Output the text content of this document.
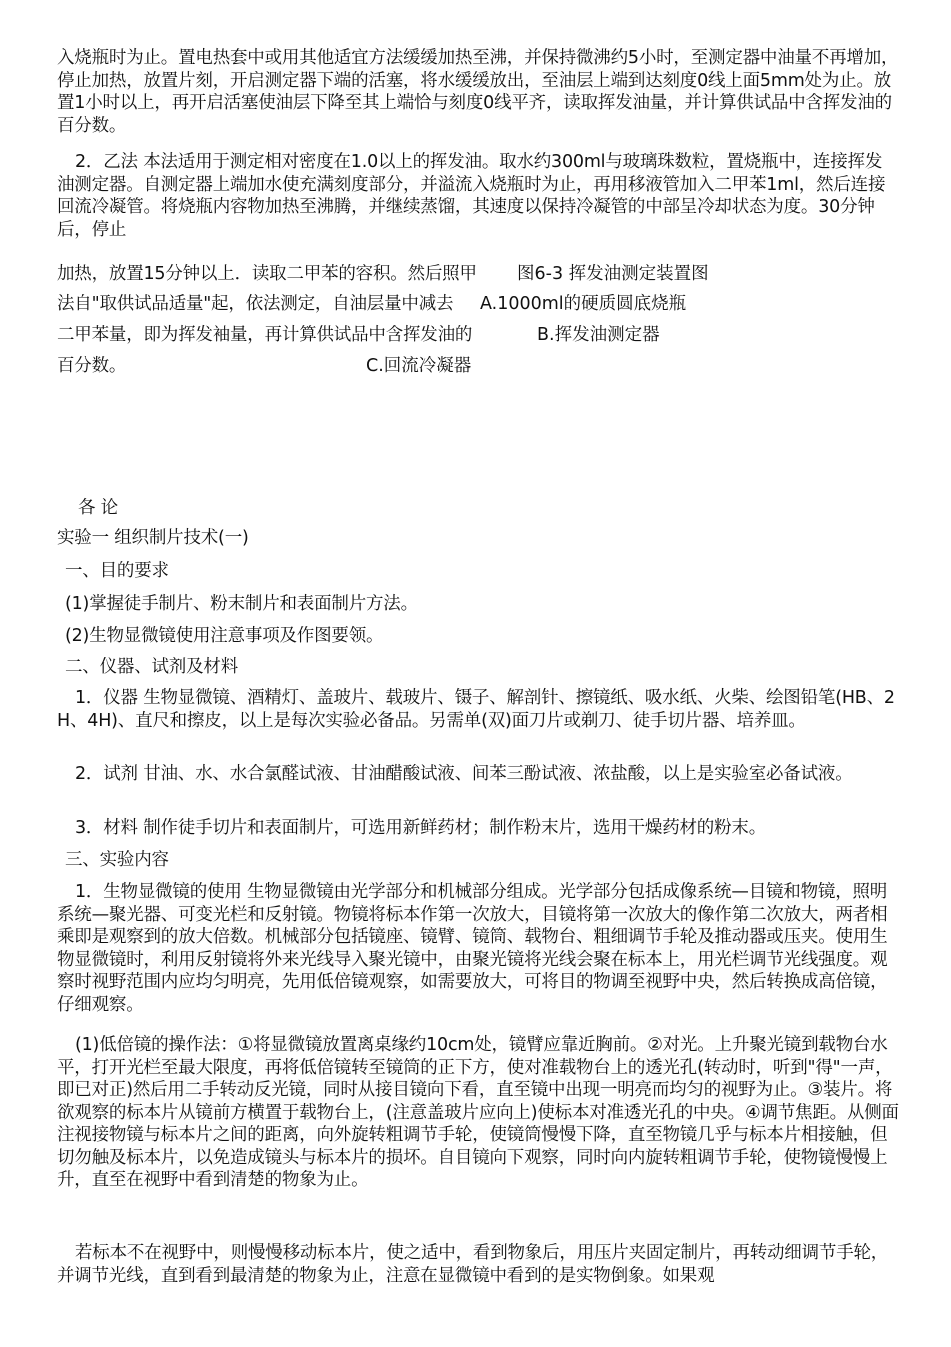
入烧瓶时为止。置电热套中或用其他适宜方法缓缓加热至沸，并保持微沸约5小时，至测定器中油量不再增加，停止加热，放置片刻，开启测定器下端的活塞，将水缓缓放出，至油层上端到达刻度0线上面5mm处为止。放置1小时以上，再开启活塞使油层下降至其上端恰与刻度0线平齐，读取挥发油量，并计算供试品中含挥发油的百分数。
2．乙法 本法适用于测定相对密度在1.0以上的挥发油。取水约300ml与玻璃珠数粒，置烧瓶中，连接挥发油测定器。自测定器上端加水使充满刻度部分，并溢流入烧瓶时为止，再用移液管加入二甲苯1ml，然后连接回流冷凝管。将烧瓶内容物加热至沸腾，并继续蒸馏，其速度以保持冷凝管的中部呈冷却状态为度。30分钟后，停止
加热，放置15分钟以上．读取二甲苯的容积。然后照甲
法自"取供试品适量"起，依法测定，自油层量中减去
二甲苯量，即为挥发袖量，再计算供试品中含挥发油的
百分数。
图6-3 挥发油测定装置图
A.1000ml的硬质圆底烧瓶
B.挥发油测定器
C.回流冷凝器
各 论
实验一 组织制片技术(一)
一、目的要求
(1)掌握徒手制片、粉末制片和表面制片方法。
(2)生物显微镜使用注意事项及作图要领。
二、仪器、试剂及材料
1．仪器 生物显微镜、酒精灯、盖玻片、载玻片、镊子、解剖针、擦镜纸、吸水纸、火柴、绘图铅笔(HB、2H、4H)、直尺和擦皮，以上是每次实验必备品。另需单(双)面刀片或剃刀、徒手切片器、培养皿。
2．试剂 甘油、水、水合氯醛试液、甘油醋酸试液、间苯三酚试液、浓盐酸，以上是实验室必备试液。
3．材料 制作徒手切片和表面制片，可选用新鲜药材；制作粉末片，选用干燥药材的粉末。
三、实验内容
1．生物显微镜的使用 生物显微镜由光学部分和机械部分组成。光学部分包括成像系统—目镜和物镜，照明系统—聚光器、可变光栏和反射镜。物镜将标本作第一次放大，目镜将第一次放大的像作第二次放大，两者相乘即是观察到的放大倍数。机械部分包括镜座、镜臂、镜筒、载物台、粗细调节手轮及推动器或压夹。使用生物显微镜时，利用反射镜将外来光线导入聚光镜中，由聚光镜将光线会聚在标本上，用光栏调节光线强度。观察时视野范围内应均匀明亮，先用低倍镜观察，如需要放大，可将目的物调至视野中央，然后转换成高倍镜，仔细观察。
(1)低倍镜的操作法：①将显微镜放置离桌缘约10cm处，镜臂应靠近胸前。②对光。上升聚光镜到载物台水平，打开光栏至最大限度，再将低倍镜转至镜筒的正下方，使对准载物台上的透光孔(转动时，听到"得"一声，即已对正)然后用二手转动反光镜，同时从接目镜向下看，直至镜中出现一明亮而均匀的视野为止。③装片。将欲观察的标本片从镜前方横置于载物台上，(注意盖玻片应向上)使标本对准透光孔的中央。④调节焦距。从侧面注视接物镜与标本片之间的距离，向外旋转粗调节手轮，使镜筒慢慢下降，直至物镜几乎与标本片相接触，但切勿触及标本片，以免造成镜头与标本片的损坏。自目镜向下观察，同时向内旋转粗调节手轮，使物镜慢慢上升，直至在视野中看到清楚的物象为止。
若标本不在视野中，则慢慢移动标本片，使之适中，看到物象后，用压片夹固定制片，再转动细调节手轮，并调节光线，直到看到最清楚的物象为止，注意在显微镜中看到的是实物倒象。如果观
